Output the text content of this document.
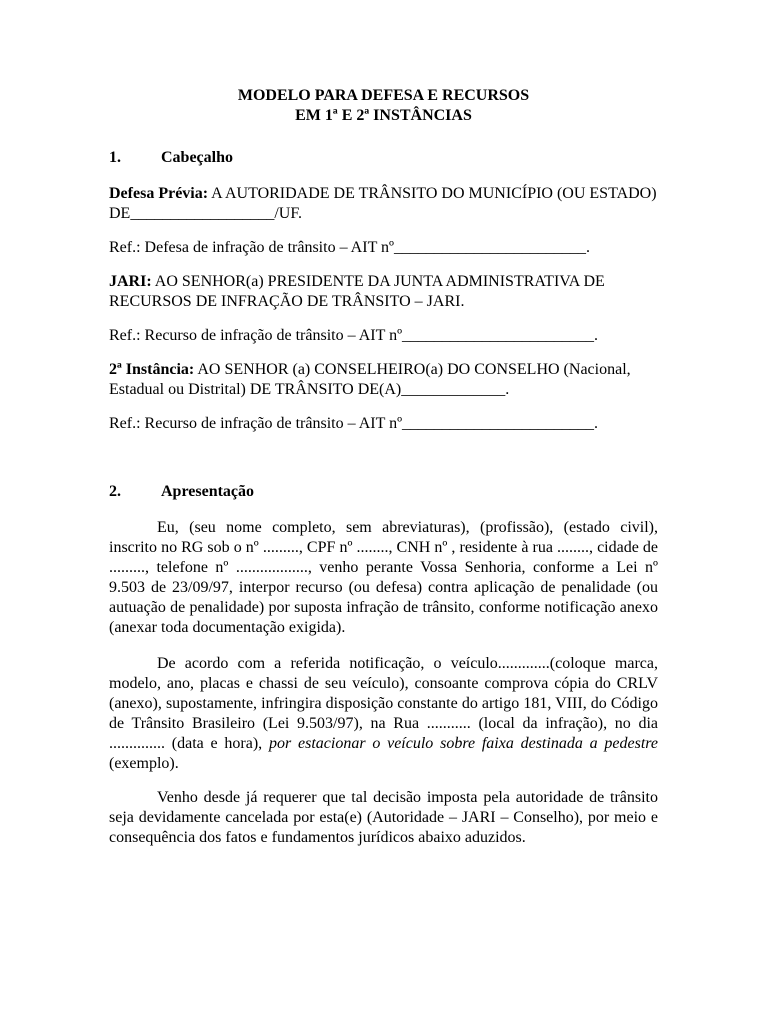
MODELO PARA DEFESA E RECURSOS

EM 1ª E 2ª INSTÂNCIAS

1.	Cabeçalho

Defesa Prévia: A AUTORIDADE DE TRÂNSITO DO MUNICÍPIO (OU ESTADO) DE__________________/UF.

Ref.: Defesa de infração de trânsito – AIT nº________________________.

JARI: AO SENHOR(a) PRESIDENTE DA JUNTA ADMINISTRATIVA DE RECURSOS DE INFRAÇÃO DE TRÂNSITO – JARI.

Ref.: Recurso de infração de trânsito – AIT nº________________________.

2ª Instância: AO SENHOR (a) CONSELHEIRO(a) DO CONSELHO (Nacional, Estadual ou Distrital) DE TRÂNSITO DE(A)_____________.

Ref.: Recurso de infração de trânsito – AIT nº________________________.

2.	Apresentação

Eu, (seu nome completo, sem abreviaturas), (profissão), (estado civil), inscrito no RG sob o nº ........., CPF nº ........, CNH nº , residente à rua ........, cidade de ........., telefone nº .................., venho perante Vossa Senhoria, conforme a Lei nº 9.503 de 23/09/97, interpor recurso (ou defesa) contra aplicação de penalidade (ou autuação de penalidade) por suposta infração de trânsito, conforme notificação anexo (anexar toda documentação exigida).

De acordo com a referida notificação, o veículo.............(coloque marca, modelo, ano, placas e chassi de seu veículo), consoante comprova cópia do CRLV (anexo), supostamente, infringira disposição constante do artigo 181, VIII, do Código de Trânsito Brasileiro (Lei 9.503/97), na Rua ........... (local da infração), no dia .............. (data e hora), por estacionar o veículo sobre faixa destinada a pedestre (exemplo).

Venho desde já requerer que tal decisão imposta pela autoridade de trânsito seja devidamente cancelada por esta(e) (Autoridade – JARI – Conselho), por meio e consequência dos fatos e fundamentos jurídicos abaixo aduzidos.
